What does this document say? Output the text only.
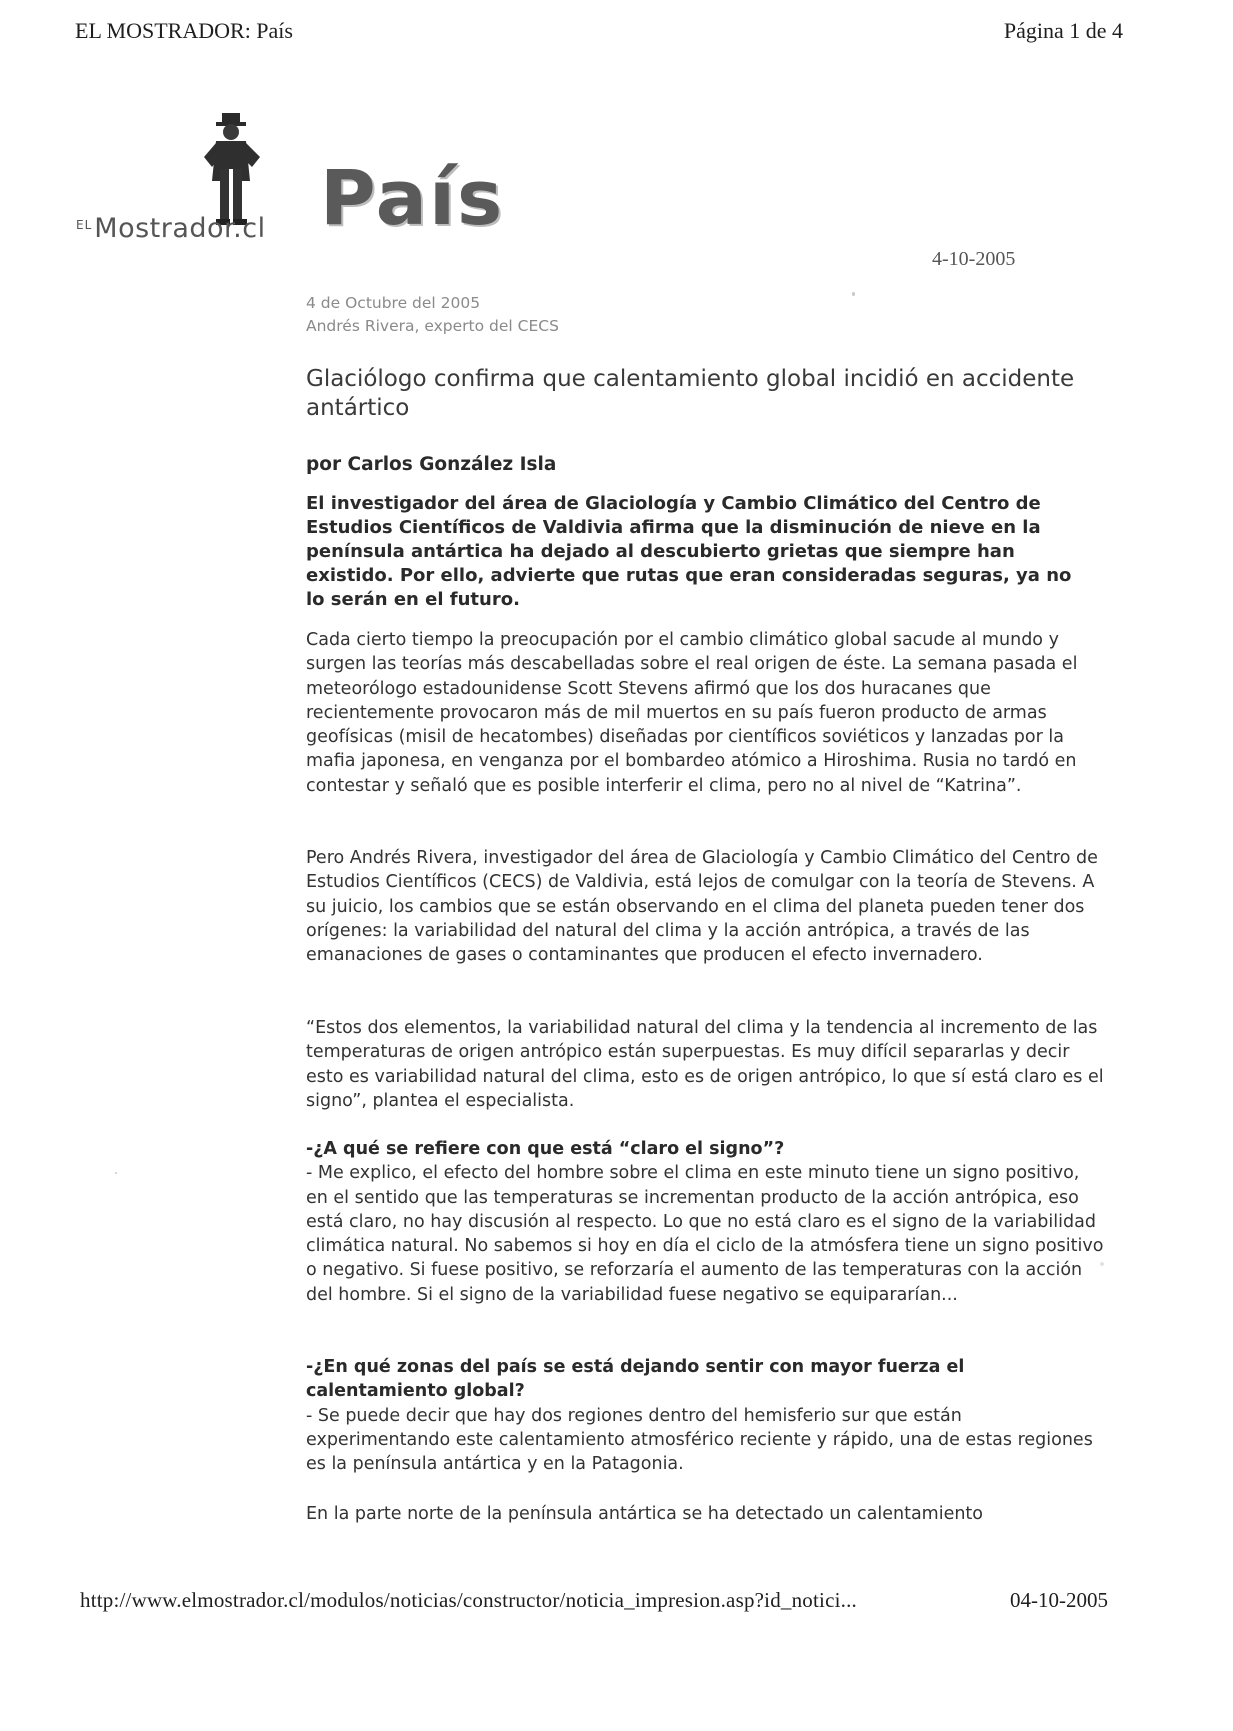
EL MOSTRADOR: País	Página 1 de 4
$^{EL}$Mostrador.cl País
4-10-2005
4 de Octubre del 2005
Andrés Rivera, experto del CECS
Glaciólogo confirma que calentamiento global incidió en accidente antártico
por Carlos González Isla
El investigador del área de Glaciología y Cambio Climático del Centro de Estudios Científicos de Valdivia afirma que la disminución de nieve en la península antártica ha dejado al descubierto grietas que siempre han existido. Por ello, advierte que rutas que eran consideradas seguras, ya no lo serán en el futuro.

Cada cierto tiempo la preocupación por el cambio climático global sacude al mundo y surgen las teorías más descabelladas sobre el real origen de éste. La semana pasada el meteorólogo estadounidense Scott Stevens afirmó que los dos huracanes que recientemente provocaron más de mil muertos en su país fueron producto de armas geofísicas (misil de hecatombes) diseñadas por científicos soviéticos y lanzadas por la mafia japonesa, en venganza por el bombardeo atómico a Hiroshima. Rusia no tardó en contestar y señaló que es posible interferir el clima, pero no al nivel de “Katrina”.

Pero Andrés Rivera, investigador del área de Glaciología y Cambio Climático del Centro de Estudios Científicos (CECS) de Valdivia, está lejos de comulgar con la teoría de Stevens. A su juicio, los cambios que se están observando en el clima del planeta pueden tener dos orígenes: la variabilidad del natural del clima y la acción antrópica, a través de las emanaciones de gases o contaminantes que producen el efecto invernadero.

“Estos dos elementos, la variabilidad natural del clima y la tendencia al incremento de las temperaturas de origen antrópico están superpuestas. Es muy difícil separarlas y decir esto es variabilidad natural del clima, esto es de origen antrópico, lo que sí está claro es el signo”, plantea el especialista.

-¿A qué se refiere con que está “claro el signo”?

- Me explico, el efecto del hombre sobre el clima en este minuto tiene un signo positivo, en el sentido que las temperaturas se incrementan producto de la acción antrópica, eso está claro, no hay discusión al respecto. Lo que no está claro es el signo de la variabilidad climática natural. No sabemos si hoy en día el ciclo de la atmósfera tiene un signo positivo o negativo. Si fuese positivo, se reforzaría el aumento de las temperaturas con la acción del hombre. Si el signo de la variabilidad fuese negativo se equipararían...

-¿En qué zonas del país se está dejando sentir con mayor fuerza el calentamiento global?

- Se puede decir que hay dos regiones dentro del hemisferio sur que están experimentando este calentamiento atmosférico reciente y rápido, una de estas regiones es la península antártica y en la Patagonia.

En la parte norte de la península antártica se ha detectado un calentamiento

http://www.elmostrador.cl/modulos/noticias/constructor/noticia_impresion.asp?id_notici...	04-10-2005
